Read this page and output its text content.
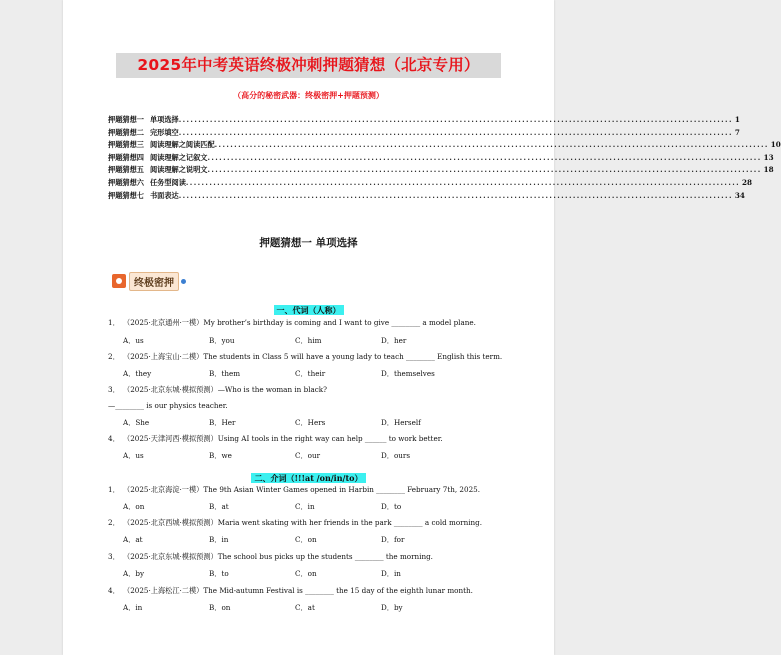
2025年中考英语终极冲刺押题猜想（北京专用）
（高分的秘密武器：终极密押+押题预测）
押题猜想一 单项选择 .............................................................................................................................................. 1
押题猜想二 完形填空 .............................................................................................................................................. 7
押题猜想三 阅读理解之阅读匹配 .............................................................................................................................................. 10
押题猜想四 阅读理解之记叙文 .............................................................................................................................................. 13
押题猜想五 阅读理解之说明文 .............................................................................................................................................. 18
押题猜想六 任务型阅读 .............................................................................................................................................. 28
押题猜想七 书面表达 .............................................................................................................................................. 34
押题猜想一 单项选择
终极密押
一、代词（人称）
1． （2025·北京通州·一模）My brother’s birthday is coming and I want to give ________ a model plane.
A．us	B．you	C．him	D．her
2． （2025·上海宝山·二模）The students in Class 5 will have a young lady to teach ________ English this term.
A．they	B．them	C．their	D．themselves
3． （2025·北京东城·模拟预测）—Who is the woman in black?
—________ is our physics teacher.
A．She	B．Her	C．Hers	D．Herself
4． （2025·天津河西·模拟预测）Using AI tools in the right way can help ______ to work better.
A．us	B．we	C．our	D．ours
二、介词（!!!at /on/in/to）
1． （2025·北京海淀·一模）The 9th Asian Winter Games opened in Harbin ________ February 7th, 2025.
A．on	B．at	C．in	D．to
2． （2025·北京西城·模拟预测）Maria went skating with her friends in the park ________ a cold morning.
A．at	B．in	C．on	D．for
3． （2025·北京东城·模拟预测）The school bus picks up the students ________ the morning.
A．by	B．to	C．on	D．in
4． （2025·上海松江·二模）The Mid-autumn Festival is ________ the 15 day of the eighth lunar month.
A．in	B．on	C．at	D．by
